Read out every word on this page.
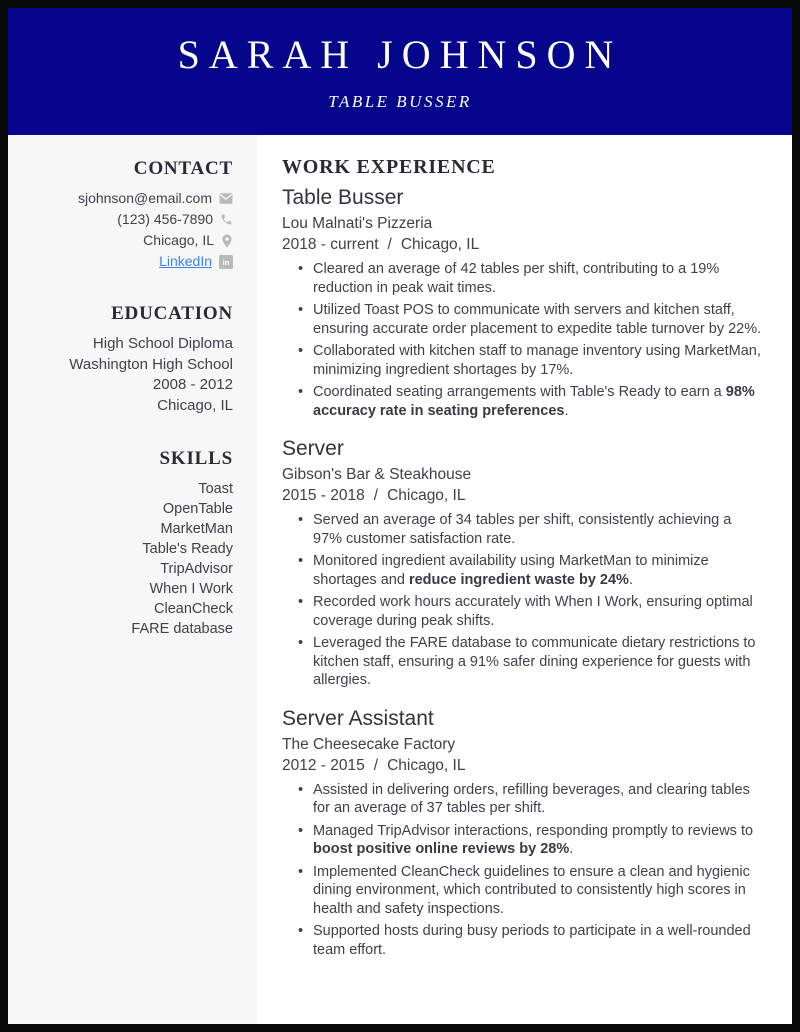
SARAH JOHNSON
TABLE BUSSER
CONTACT
sjohnson@email.com
(123) 456-7890
Chicago, IL
LinkedIn in
EDUCATION
High School Diploma
Washington High School
2008 - 2012
Chicago, IL
SKILLS
Toast
OpenTable
MarketMan
Table's Ready
TripAdvisor
When I Work
CleanCheck
FARE database
WORK EXPERIENCE
Table Busser
Lou Malnati's Pizzeria
2018 - current / Chicago, IL
• Cleared an average of 42 tables per shift, contributing to a 19% reduction in peak wait times.
• Utilized Toast POS to communicate with servers and kitchen staff, ensuring accurate order placement to expedite table turnover by 22%.
• Collaborated with kitchen staff to manage inventory using MarketMan, minimizing ingredient shortages by 17%.
• Coordinated seating arrangements with Table's Ready to earn a 98% accuracy rate in seating preferences.
Server
Gibson's Bar & Steakhouse
2015 - 2018 / Chicago, IL
• Served an average of 34 tables per shift, consistently achieving a 97% customer satisfaction rate.
• Monitored ingredient availability using MarketMan to minimize shortages and reduce ingredient waste by 24%.
• Recorded work hours accurately with When I Work, ensuring optimal coverage during peak shifts.
• Leveraged the FARE database to communicate dietary restrictions to kitchen staff, ensuring a 91% safer dining experience for guests with allergies.
Server Assistant
The Cheesecake Factory
2012 - 2015 / Chicago, IL
• Assisted in delivering orders, refilling beverages, and clearing tables for an average of 37 tables per shift.
• Managed TripAdvisor interactions, responding promptly to reviews to boost positive online reviews by 28%.
• Implemented CleanCheck guidelines to ensure a clean and hygienic dining environment, which contributed to consistently high scores in health and safety inspections.
• Supported hosts during busy periods to participate in a well-rounded team effort.
